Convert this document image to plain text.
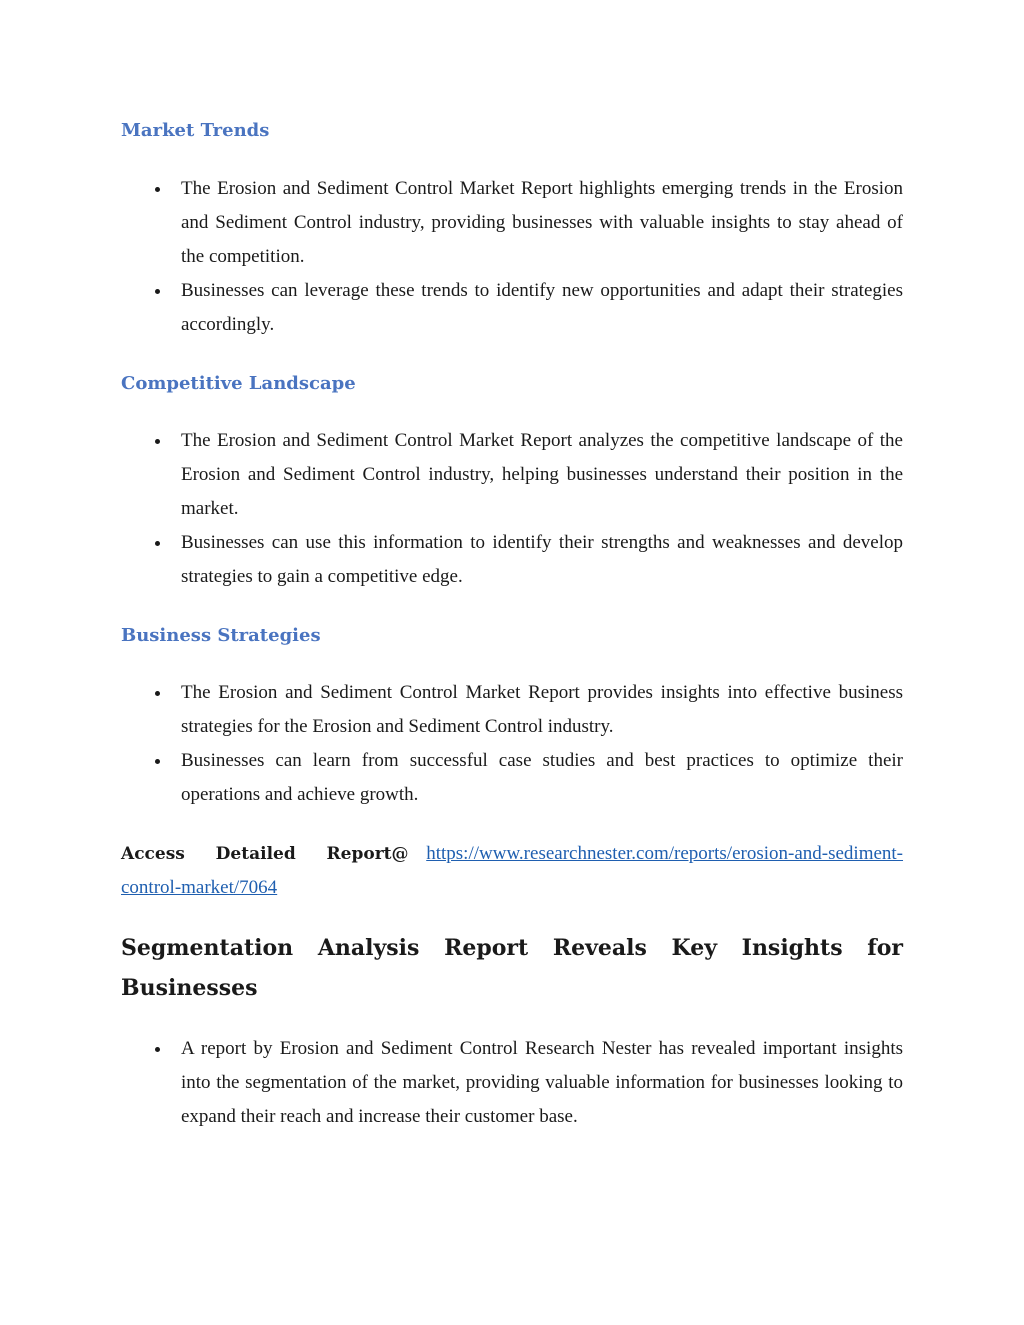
Market Trends
The Erosion and Sediment Control Market Report highlights emerging trends in the Erosion and Sediment Control industry, providing businesses with valuable insights to stay ahead of the competition.
Businesses can leverage these trends to identify new opportunities and adapt their strategies accordingly.
Competitive Landscape
The Erosion and Sediment Control Market Report analyzes the competitive landscape of the Erosion and Sediment Control industry, helping businesses understand their position in the market.
Businesses can use this information to identify their strengths and weaknesses and develop strategies to gain a competitive edge.
Business Strategies
The Erosion and Sediment Control Market Report provides insights into effective business strategies for the Erosion and Sediment Control industry.
Businesses can learn from successful case studies and best practices to optimize their operations and achieve growth.

Access Detailed Report@ https://www.researchnester.com/reports/erosion-and-sediment-control-market/7064

Segmentation Analysis Report Reveals Key Insights for Businesses
A report by Erosion and Sediment Control Research Nester has revealed important insights into the segmentation of the market, providing valuable information for businesses looking to expand their reach and increase their customer base.
